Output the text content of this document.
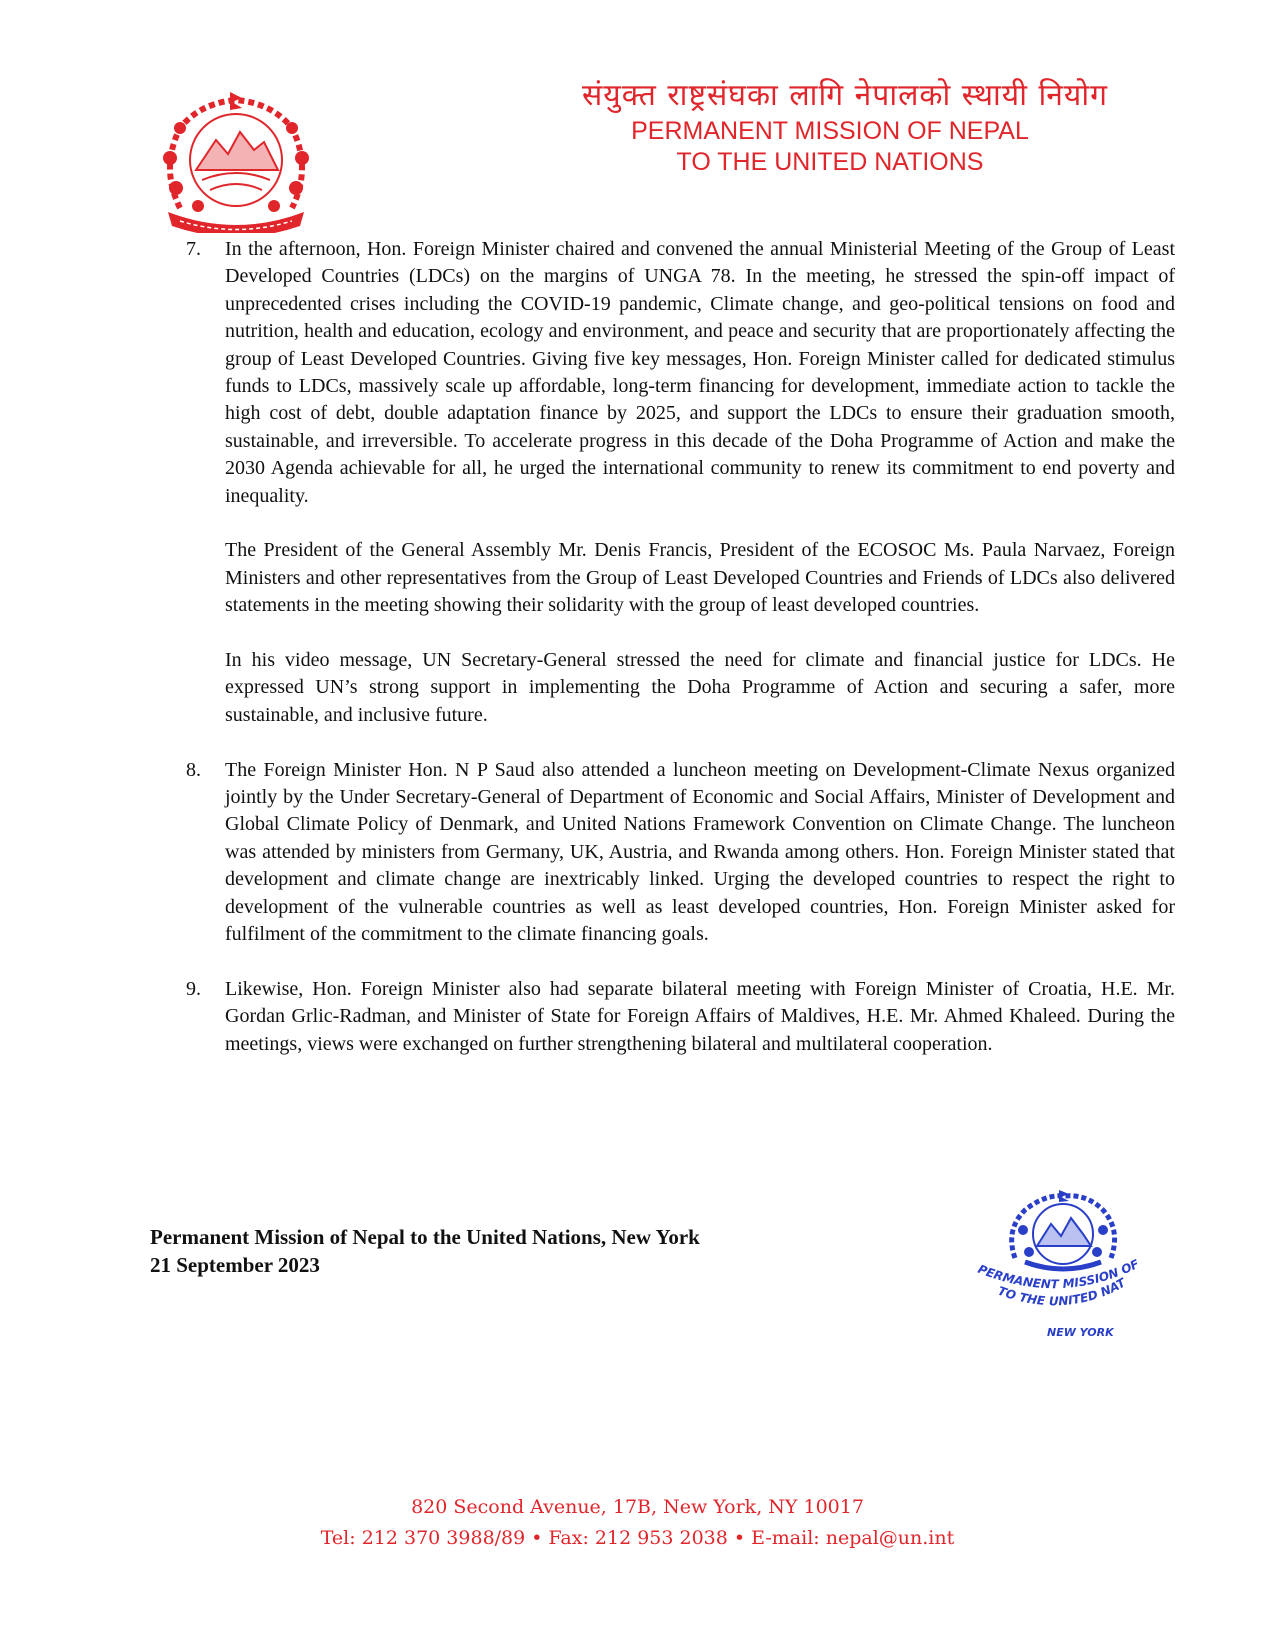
संयुक्त राष्ट्रसंघका लागि नेपालको स्थायी नियोग
PERMANENT MISSION OF NEPAL
TO THE UNITED NATIONS
7.	In the afternoon, Hon. Foreign Minister chaired and convened the annual Ministerial Meeting of the Group of Least Developed Countries (LDCs) on the margins of UNGA 78. In the meeting, he stressed the spin-off impact of unprecedented crises including the COVID-19 pandemic, Climate change, and geo-political tensions on food and nutrition, health and education, ecology and environment, and peace and security that are proportionately affecting the group of Least Developed Countries. Giving five key messages, Hon. Foreign Minister called for dedicated stimulus funds to LDCs, massively scale up affordable, long-term financing for development, immediate action to tackle the high cost of debt, double adaptation finance by 2025, and support the LDCs to ensure their graduation smooth, sustainable, and irreversible. To accelerate progress in this decade of the Doha Programme of Action and make the 2030 Agenda achievable for all, he urged the international community to renew its commitment to end poverty and inequality.
The President of the General Assembly Mr. Denis Francis, President of the ECOSOC Ms. Paula Narvaez, Foreign Ministers and other representatives from the Group of Least Developed Countries and Friends of LDCs also delivered statements in the meeting showing their solidarity with the group of least developed countries.
In his video message, UN Secretary-General stressed the need for climate and financial justice for LDCs. He expressed UN’s strong support in implementing the Doha Programme of Action and securing a safer, more sustainable, and inclusive future.
8.	The Foreign Minister Hon. N P Saud also attended a luncheon meeting on Development-Climate Nexus organized jointly by the Under Secretary-General of Department of Economic and Social Affairs, Minister of Development and Global Climate Policy of Denmark, and United Nations Framework Convention on Climate Change. The luncheon was attended by ministers from Germany, UK, Austria, and Rwanda among others. Hon. Foreign Minister stated that development and climate change are inextricably linked. Urging the developed countries to respect the right to development of the vulnerable countries as well as least developed countries, Hon. Foreign Minister asked for fulfilment of the commitment to the climate financing goals.
9.	Likewise, Hon. Foreign Minister also had separate bilateral meeting with Foreign Minister of Croatia, H.E. Mr. Gordan Grlic-Radman, and Minister of State for Foreign Affairs of Maldives, H.E. Mr. Ahmed Khaleed. During the meetings, views were exchanged on further strengthening bilateral and multilateral cooperation.
Permanent Mission of Nepal to the United Nations, New York
21 September 2023	PERMANENT MISSION OF
TO THE UNITED NAT
NEW YORK
820 Second Avenue, 17B, New York, NY 10017
Tel: 212 370 3988/89 • Fax: 212 953 2038 • E-mail: nepal@un.int
